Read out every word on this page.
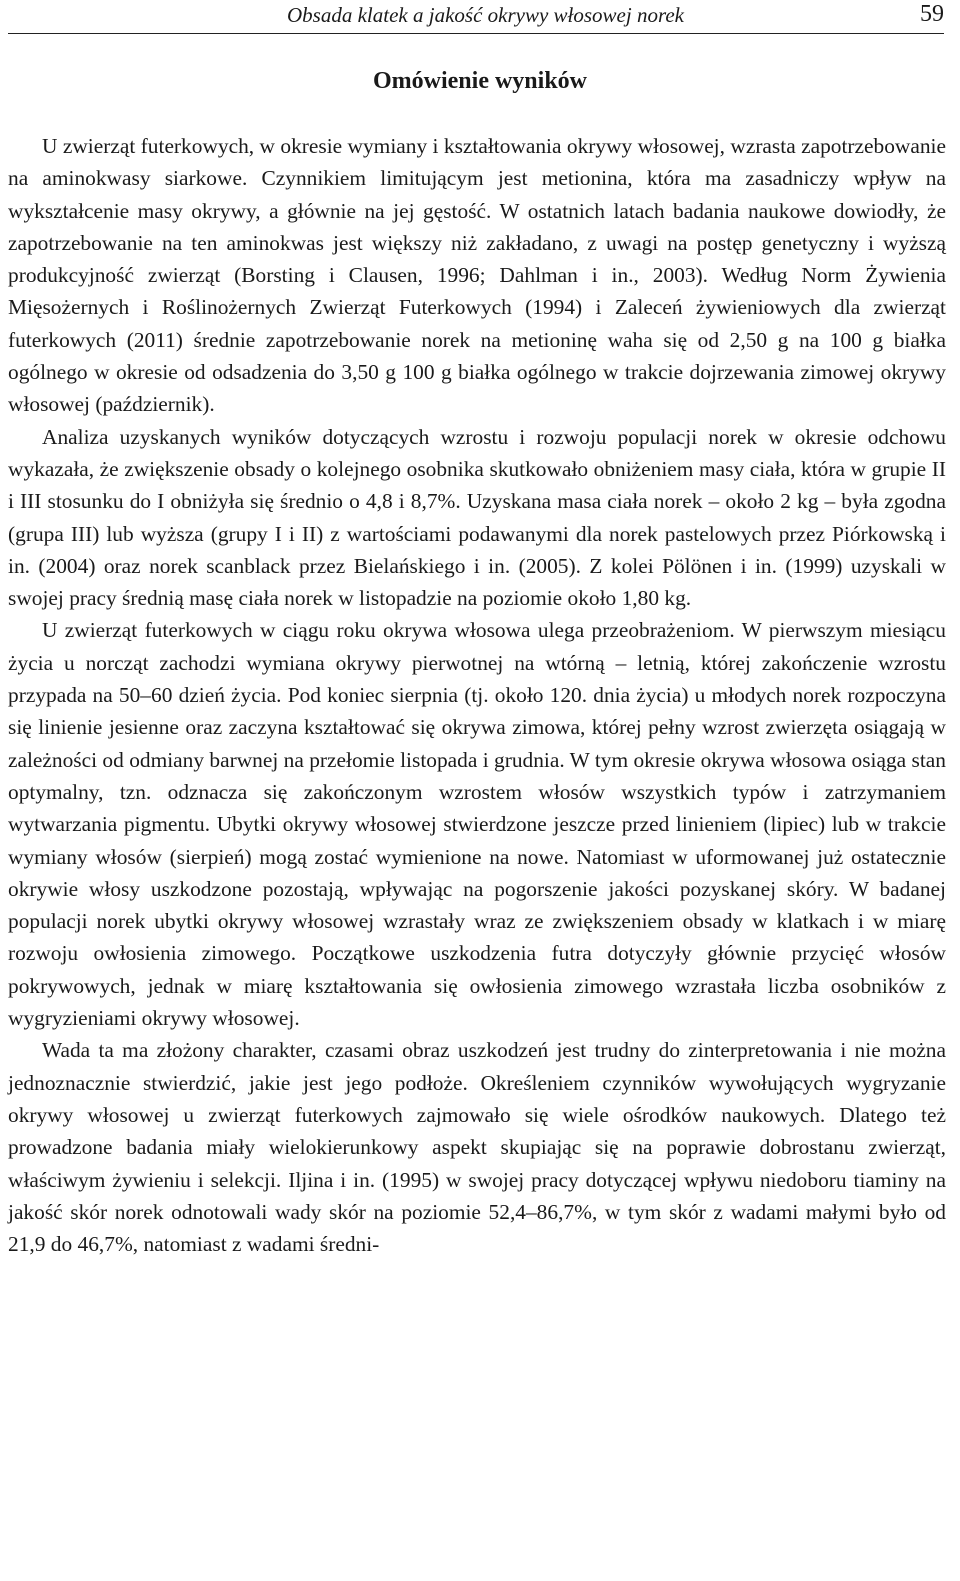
Obsada klatek a jakość okrywy włosowej norek	59
Omówienie wyników

U zwierząt futerkowych, w okresie wymiany i kształtowania okrywy włosowej, wzrasta zapotrzebowanie na aminokwasy siarkowe. Czynnikiem limitującym jest metionina, która ma zasadniczy wpływ na wykształcenie masy okrywy, a głównie na jej gęstość. W ostatnich latach badania naukowe dowiodły, że zapotrzebowanie na ten aminokwas jest większy niż zakładano, z uwagi na postęp genetyczny i wyższą produkcyjność zwierząt (Borsting i Clausen, 1996; Dahlman i in., 2003). Według Norm Żywienia Mięsożernych i Roślinożernych Zwierząt Futerkowych (1994) i Zaleceń żywieniowych dla zwierząt futerkowych (2011) średnie zapotrzebowanie norek na metioninę waha się od 2,50 g na 100 g białka ogólnego w okresie od odsadzenia do 3,50 g 100 g białka ogólnego w trakcie dojrzewania zimowej okrywy włosowej (październik).

Analiza uzyskanych wyników dotyczących wzrostu i rozwoju populacji norek w okresie odchowu wykazała, że zwiększenie obsady o kolejnego osobnika skutkowało obniżeniem masy ciała, która w grupie II i III stosunku do I obniżyła się średnio o 4,8 i 8,7%. Uzyskana masa ciała norek – około 2 kg – była zgodna (grupa III) lub wyższa (grupy I i II) z wartościami podawanymi dla norek pastelowych przez Piórkowską i in. (2004) oraz norek scanblack przez Bielańskiego i in. (2005). Z kolei Pölönen i in. (1999) uzyskali w swojej pracy średnią masę ciała norek w listopadzie na poziomie około 1,80 kg.

U zwierząt futerkowych w ciągu roku okrywa włosowa ulega przeobrażeniom. W pierwszym miesiącu życia u norcząt zachodzi wymiana okrywy pierwotnej na wtórną – letnią, której zakończenie wzrostu przypada na 50–60 dzień życia. Pod koniec sierpnia (tj. około 120. dnia życia) u młodych norek rozpoczyna się linienie jesienne oraz zaczyna kształtować się okrywa zimowa, której pełny wzrost zwierzęta osiągają w zależności od odmiany barwnej na przełomie listopada i grudnia. W tym okresie okrywa włosowa osiąga stan optymalny, tzn. odznacza się zakończonym wzrostem włosów wszystkich typów i zatrzymaniem wytwarzania pigmentu. Ubytki okrywy włosowej stwierdzone jeszcze przed linieniem (lipiec) lub w trakcie wymiany włosów (sierpień) mogą zostać wymienione na nowe. Natomiast w uformowanej już ostatecznie okrywie włosy uszkodzone pozostają, wpływając na pogorszenie jakości pozyskanej skóry. W badanej populacji norek ubytki okrywy włosowej wzrastały wraz ze zwiększeniem obsady w klatkach i w miarę rozwoju owłosienia zimowego. Początkowe uszkodzenia futra dotyczyły głównie przycięć włosów pokrywowych, jednak w miarę kształtowania się owłosienia zimowego wzrastała liczba osobników z wygryzieniami okrywy włosowej.

Wada ta ma złożony charakter, czasami obraz uszkodzeń jest trudny do zinterpretowania i nie można jednoznacznie stwierdzić, jakie jest jego podłoże. Określeniem czynników wywołujących wygryzanie okrywy włosowej u zwierząt futerkowych zajmowało się wiele ośrodków naukowych. Dlatego też prowadzone badania miały wielokierunkowy aspekt skupiając się na poprawie dobrostanu zwierząt, właściwym żywieniu i selekcji. Iljina i in. (1995) w swojej pracy dotyczącej wpływu niedoboru tiaminy na jakość skór norek odnotowali wady skór na poziomie 52,4–86,7%, w tym skór z wadami małymi było od 21,9 do 46,7%, natomiast z wadami średni-
